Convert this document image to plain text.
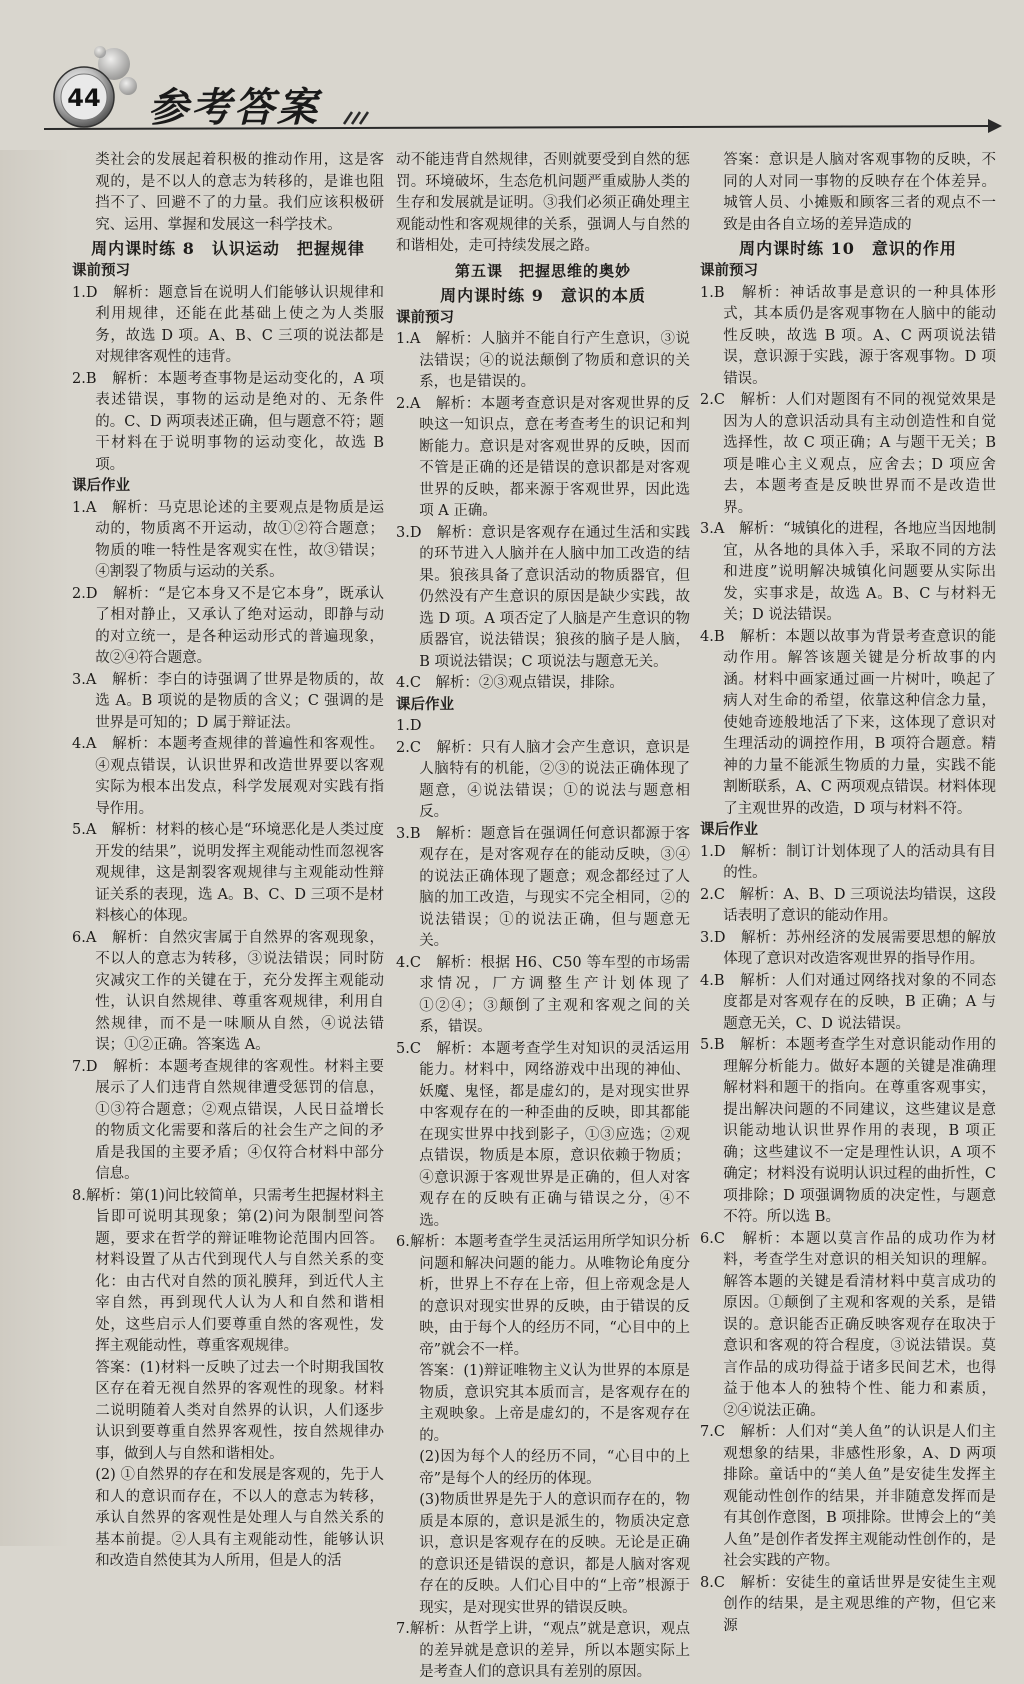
44 参考答案

类社会的发展起着积极的推动作用，这是客观的，是不以人的意志为转移的，是谁也阻挡不了、回避不了的力量。我们应该积极研究、运用、掌握和发展这一科学技术。

周内课时练 8　认识运动　把握规律
课前预习

1.D　解析：题意旨在说明人们能够认识规律和利用规律，还能在此基础上使之为人类服务，故选 D 项。A、B、C 三项的说法都是对规律客观性的违背。

2.B　解析：本题考查事物是运动变化的，A 项表述错误，事物的运动是绝对的、无条件的。C、D 两项表述正确，但与题意不符；题干材料在于说明事物的运动变化，故选 B 项。

课后作业

1.A　解析：马克思论述的主要观点是物质是运动的，物质离不开运动，故①②符合题意；物质的唯一特性是客观实在性，故③错误；④割裂了物质与运动的关系。

2.D　解析：“是它本身又不是它本身”，既承认了相对静止，又承认了绝对运动，即静与动的对立统一，是各种运动形式的普遍现象，故②④符合题意。

3.A　解析：李白的诗强调了世界是物质的，故选 A。B 项说的是物质的含义；C 强调的是世界是可知的；D 属于辩证法。

4.A　解析：本题考查规律的普遍性和客观性。④观点错误，认识世界和改造世界要以客观实际为根本出发点，科学发展观对实践有指导作用。

5.A　解析：材料的核心是“环境恶化是人类过度开发的结果”，说明发挥主观能动性而忽视客观规律，这是割裂客观规律与主观能动性辩证关系的表现，选 A。B、C、D 三项不是材料核心的体现。

6.A　解析：自然灾害属于自然界的客观现象，不以人的意志为转移，③说法错误；同时防灾减灾工作的关键在于，充分发挥主观能动性，认识自然规律、尊重客观规律，利用自然规律，而不是一味顺从自然，④说法错误；①②正确。答案选 A。

7.D　解析：本题考查规律的客观性。材料主要展示了人们违背自然规律遭受惩罚的信息，①③符合题意；②观点错误，人民日益增长的物质文化需要和落后的社会生产之间的矛盾是我国的主要矛盾；④仅符合材料中部分信息。

8.解析：第(1)问比较简单，只需考生把握材料主旨即可说明其现象；第(2)问为限制型问答题，要求在哲学的辩证唯物论范围内回答。材料设置了从古代到现代人与自然关系的变化：由古代对自然的顶礼膜拜，到近代人主宰自然，再到现代人认为人和自然和谐相处，这些启示人们要尊重自然的客观性，发挥主观能动性，尊重客观规律。

答案：(1)材料一反映了过去一个时期我国牧区存在着无视自然界的客观性的现象。材料二说明随着人类对自然界的认识，人们逐步认识到要尊重自然界客观性，按自然规律办事，做到人与自然和谐相处。

(2) ①自然界的存在和发展是客观的，先于人和人的意识而存在，不以人的意志为转移，承认自然界的客观性是处理人与自然关系的基本前提。②人具有主观能动性，能够认识和改造自然使其为人所用，但是人的活

动不能违背自然规律，否则就要受到自然的惩罚。环境破坏，生态危机问题严重威胁人类的生存和发展就是证明。③我们必须正确处理主观能动性和客观规律的关系，强调人与自然的和谐相处，走可持续发展之路。

第五课　把握思维的奥妙
周内课时练 9　意识的本质
课前预习

1.A　解析：人脑并不能自行产生意识，③说法错误；④的说法颠倒了物质和意识的关系，也是错误的。

2.A　解析：本题考查意识是对客观世界的反映这一知识点，意在考查考生的识记和判断能力。意识是对客观世界的反映，因而不管是正确的还是错误的意识都是对客观世界的反映，都来源于客观世界，因此选项 A 正确。

3.D　解析：意识是客观存在通过生活和实践的环节进入人脑并在人脑中加工改造的结果。狼孩具备了意识活动的物质器官，但仍然没有产生意识的原因是缺少实践，故选 D 项。A 项否定了人脑是产生意识的物质器官，说法错误；狼孩的脑子是人脑，B 项说法错误；C 项说法与题意无关。

4.C　解析：②③观点错误，排除。

课后作业

1.D

2.C　解析：只有人脑才会产生意识，意识是人脑特有的机能，②③的说法正确体现了题意，④说法错误；①的说法与题意相反。

3.B　解析：题意旨在强调任何意识都源于客观存在，是对客观存在的能动反映，③④的说法正确体现了题意；观念都经过了人脑的加工改造，与现实不完全相同，②的说法错误；①的说法正确，但与题意无关。

4.C　解析：根据 H6、C50 等车型的市场需求情况，厂方调整生产计划体现了①②④；③颠倒了主观和客观之间的关系，错误。

5.C　解析：本题考查学生对知识的灵活运用能力。材料中，网络游戏中出现的神仙、妖魔、鬼怪，都是虚幻的，是对现实世界中客观存在的一种歪曲的反映，即其都能在现实世界中找到影子，①③应选；②观点错误，物质是本原，意识依赖于物质；④意识源于客观世界是正确的，但人对客观存在的反映有正确与错误之分，④不选。

6.解析：本题考查学生灵活运用所学知识分析问题和解决问题的能力。从唯物论角度分析，世界上不存在上帝，但上帝观念是人的意识对现实世界的反映，由于错误的反映，由于每个人的经历不同，“心目中的上帝”就会不一样。

答案：(1)辩证唯物主义认为世界的本原是物质，意识究其本质而言，是客观存在的主观映象。上帝是虚幻的，不是客观存在的。

(2)因为每个人的经历不同，“心目中的上帝”是每个人的经历的体现。

(3)物质世界是先于人的意识而存在的，物质是本原的，意识是派生的，物质决定意识，意识是客观存在的反映。无论是正确的意识还是错误的意识，都是人脑对客观存在的反映。人们心目中的“上帝”根源于现实，是对现实世界的错误反映。

7.解析：从哲学上讲，“观点”就是意识，观点的差异就是意识的差异，所以本题实际上是考查人们的意识具有差别的原因。

答案：意识是人脑对客观事物的反映，不同的人对同一事物的反映存在个体差异。城管人员、小摊贩和顾客三者的观点不一致是由各自立场的差异造成的

周内课时练 10　意识的作用
课前预习

1.B　解析：神话故事是意识的一种具体形式，其本质仍是客观事物在人脑中的能动性反映，故选 B 项。A、C 两项说法错误，意识源于实践，源于客观事物。D 项错误。

2.C　解析：人们对题图有不同的视觉效果是因为人的意识活动具有主动创造性和自觉选择性，故 C 项正确；A 与题干无关；B 项是唯心主义观点，应舍去；D 项应舍去，本题考查是反映世界而不是改造世界。

3.A　解析：“城镇化的进程，各地应当因地制宜，从各地的具体入手，采取不同的方法和进度”说明解决城镇化问题要从实际出发，实事求是，故选 A。B、C 与材料无关；D 说法错误。

4.B　解析：本题以故事为背景考查意识的能动作用。解答该题关键是分析故事的内涵。材料中画家通过画一片树叶，唤起了病人对生命的希望，依靠这种信念力量，使她奇迹般地活了下来，这体现了意识对生理活动的调控作用，B 项符合题意。精神的力量不能派生物质的力量，实践不能割断联系，A、C 两项观点错误。材料体现了主观世界的改造，D 项与材料不符。

课后作业

1.D　解析：制订计划体现了人的活动具有目的性。

2.C　解析：A、B、D 三项说法均错误，这段话表明了意识的能动作用。

3.D　解析：苏州经济的发展需要思想的解放体现了意识对改造客观世界的指导作用。

4.B　解析：人们对通过网络找对象的不同态度都是对客观存在的反映，B 正确；A 与题意无关，C、D 说法错误。

5.B　解析：本题考查学生对意识能动作用的理解分析能力。做好本题的关键是准确理解材料和题干的指向。在尊重客观事实，提出解决问题的不同建议，这些建议是意识能动地认识世界作用的表现，B 项正确；这些建议不一定是理性认识，A 项不确定；材料没有说明认识过程的曲折性，C 项排除；D 项强调物质的决定性，与题意不符。所以选 B。

6.C　解析：本题以莫言作品的成功作为材料，考查学生对意识的相关知识的理解。解答本题的关键是看清材料中莫言成功的原因。①颠倒了主观和客观的关系，是错误的。意识能否正确反映客观存在取决于意识和客观的符合程度，③说法错误。莫言作品的成功得益于诸多民间艺术，也得益于他本人的独特个性、能力和素质，②④说法正确。

7.C　解析：人们对“美人鱼”的认识是人们主观想象的结果，非感性形象，A、D 两项排除。童话中的“美人鱼”是安徒生发挥主观能动性创作的结果，并非随意发挥而是有其创作意图，B 项排除。世博会上的“美人鱼”是创作者发挥主观能动性创作的，是社会实践的产物。

8.C　解析：安徒生的童话世界是安徒生主观创作的结果，是主观思维的产物，但它来源
